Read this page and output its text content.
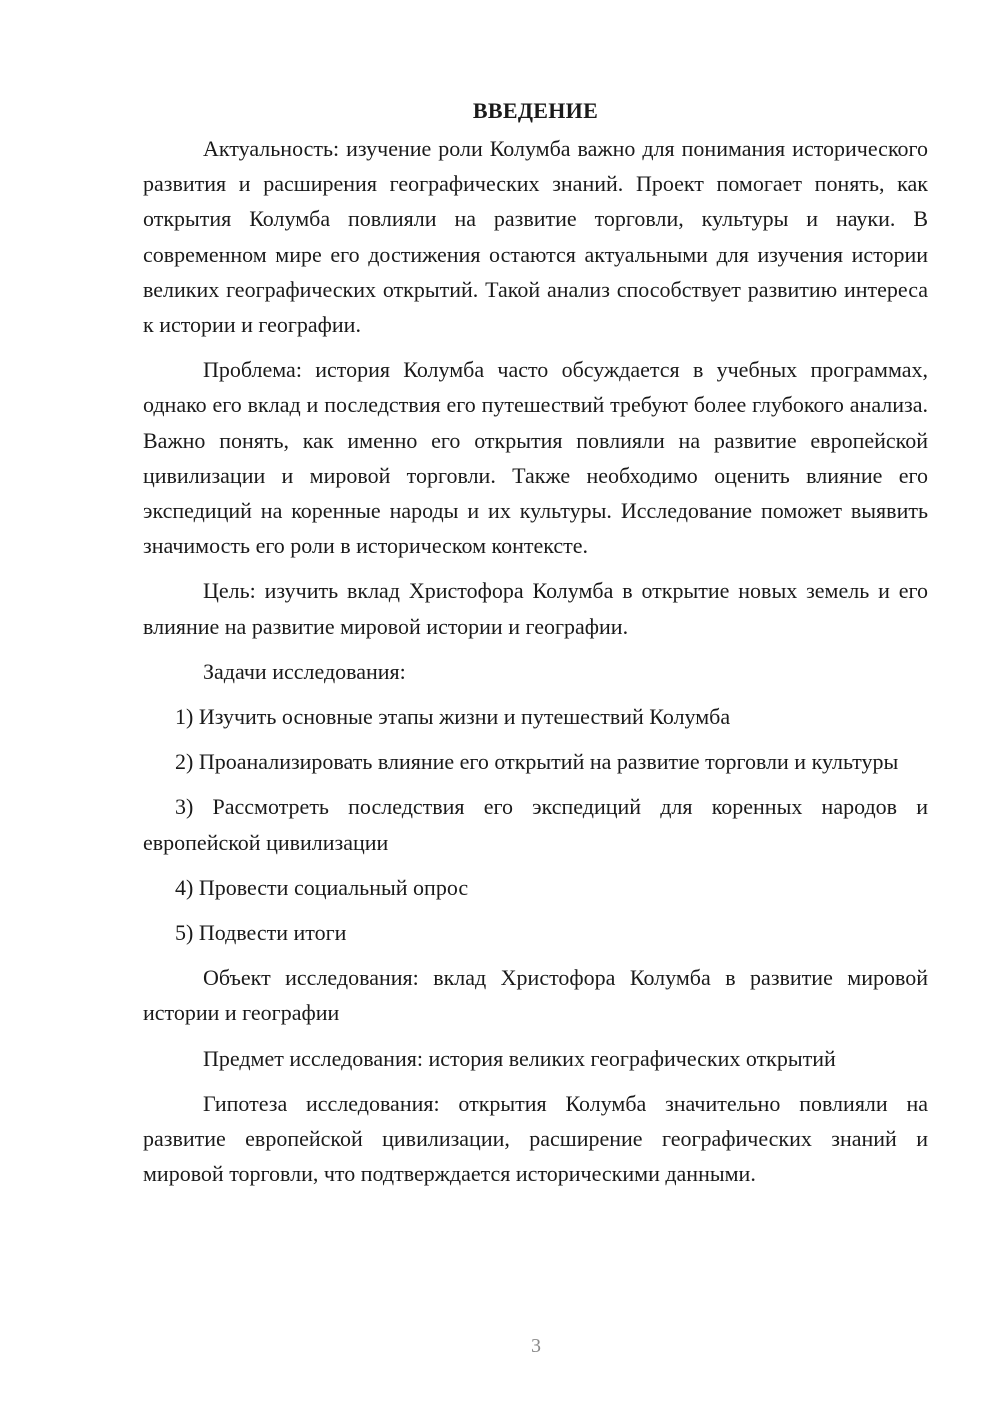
ВВЕДЕНИЕ

Актуальность: изучение роли Колумба важно для понимания исторического развития и расширения географических знаний. Проект помогает понять, как открытия Колумба повлияли на развитие торговли, культуры и науки. В современном мире его достижения остаются актуальными для изучения истории великих географических открытий. Такой анализ способствует развитию интереса к истории и географии.

Проблема: история Колумба часто обсуждается в учебных программах, однако его вклад и последствия его путешествий требуют более глубокого анализа. Важно понять, как именно его открытия повлияли на развитие европейской цивилизации и мировой торговли. Также необходимо оценить влияние его экспедиций на коренные народы и их культуры. Исследование поможет выявить значимость его роли в историческом контексте.

Цель: изучить вклад Христофора Колумба в открытие новых земель и его влияние на развитие мировой истории и географии.

Задачи исследования:

1) Изучить основные этапы жизни и путешествий Колумба

2) Проанализировать влияние его открытий на развитие торговли и культуры

3) Рассмотреть последствия его экспедиций для коренных народов и европейской цивилизации

4) Провести социальный опрос

5) Подвести итоги

Объект исследования: вклад Христофора Колумба в развитие мировой истории и географии

Предмет исследования: история великих географических открытий

Гипотеза исследования: открытия Колумба значительно повлияли на развитие европейской цивилизации, расширение географических знаний и мировой торговли, что подтверждается историческими данными.

3
